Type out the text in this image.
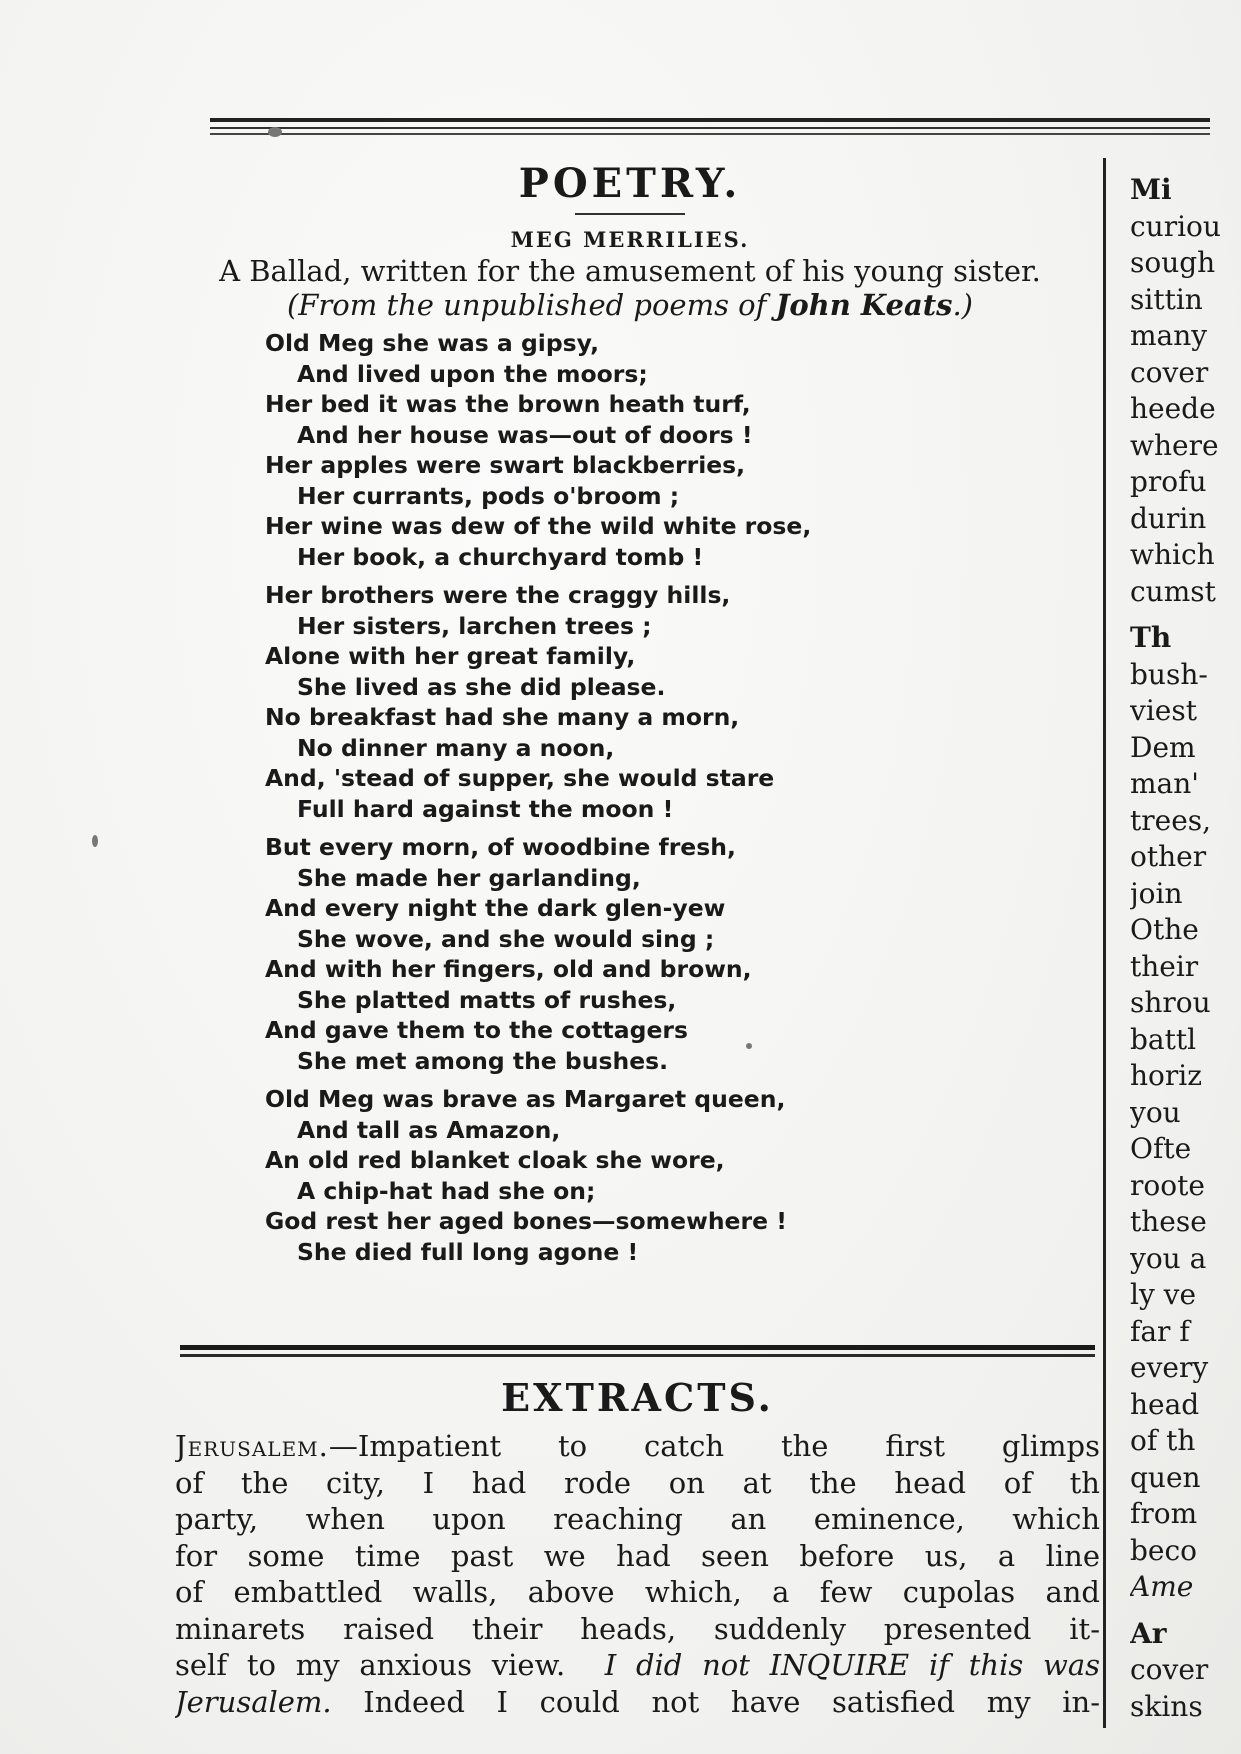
POETRY.
MEG MERRILIES.
A Ballad, written for the amusement of his young sister.
(From the unpublished poems of John Keats.)
Old Meg she was a gipsy,
And lived upon the moors;
Her bed it was the brown heath turf,
And her house was—out of doors !
Her apples were swart blackberries,
Her currants, pods o'broom ;
Her wine was dew of the wild white rose,
Her book, a churchyard tomb !
Her brothers were the craggy hills,
Her sisters, larchen trees ;
Alone with her great family,
She lived as she did please.
No breakfast had she many a morn,
No dinner many a noon,
And, 'stead of supper, she would stare
Full hard against the moon !
But every morn, of woodbine fresh,
She made her garlanding,
And every night the dark glen-yew
She wove, and she would sing ;
And with her fingers, old and brown,
She platted matts of rushes,
And gave them to the cottagers
She met among the bushes.
Old Meg was brave as Margaret queen,
And tall as Amazon,
An old red blanket cloak she wore,
A chip-hat had she on;
God rest her aged bones—somewhere !
She died full long agone !
EXTRACTS.
Jerusalem.—Impatient to catch the first glimps
of the city, I had rode on at the head of th
party, when upon reaching an eminence, which
for some time past we had seen before us, a line
of embattled walls, above which, a few cupolas and
minarets raised their heads, suddenly presented it-
self to my anxious view. I did not INQUIRE if this was
Jerusalem. Indeed I could not have satisfied my in-
Mi
curiou
sough
sittin
many
cover
heede
where
profu
durin
which
cumst
Th
bush-
viest
Dem
man'
trees,
other
join
Othe
their
shrou
battl
horiz
you
Ofte
roote
these
you a
ly ve
far f
every
head
of th
quen
from
beco
Ame
Ar
cover
skins
